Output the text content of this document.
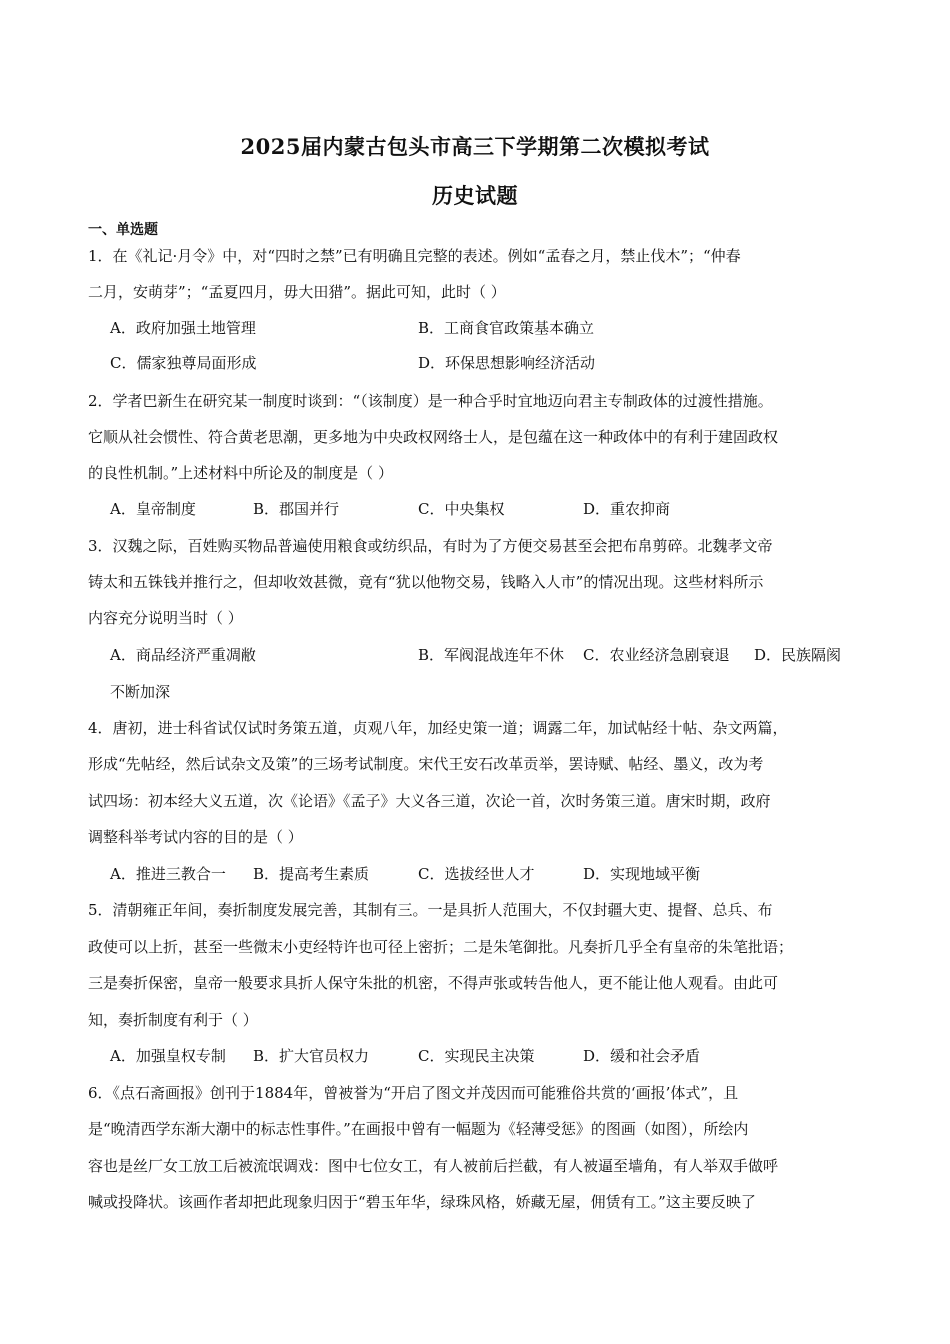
2025届内蒙古包头市高三下学期第二次模拟考试
历史试题
一、单选题
1．在《礼记·月令》中，对“四时之禁”已有明确且完整的表述。例如“孟春之月，禁止伐木”；“仲春
二月，安萌芽”；“孟夏四月，毋大田猎”。据此可知，此时（ ）
A．政府加强土地管理	B．工商食官政策基本确立
C．儒家独尊局面形成	D．环保思想影响经济活动
2．学者巴新生在研究某一制度时谈到：“（该制度）是一种合乎时宜地迈向君主专制政体的过渡性措施。
它顺从社会惯性、符合黄老思潮，更多地为中央政权网络士人，是包蕴在这一种政体中的有利于建固政权
的良性机制。”上述材料中所论及的制度是（ ）
A．皇帝制度	B．郡国并行	C．中央集权	D．重农抑商
3．汉魏之际，百姓购买物品普遍使用粮食或纺织品，有时为了方便交易甚至会把布帛剪碎。北魏孝文帝
铸太和五铢钱并推行之，但却收效甚微，竟有“犹以他物交易，钱略入人市”的情况出现。这些材料所示
内容充分说明当时（ ）
A．商品经济严重凋敝	B．军阀混战连年不休 C．农业经济急剧衰退 D．民族隔阂
不断加深
4．唐初，进士科省试仅试时务策五道，贞观八年，加经史策一道；调露二年，加试帖经十帖、杂文两篇，
形成“先帖经，然后试杂文及策”的三场考试制度。宋代王安石改革贡举，罢诗赋、帖经、墨义，改为考
试四场：初本经大义五道，次《论语》《孟子》大义各三道，次论一首，次时务策三道。唐宋时期，政府
调整科举考试内容的目的是（ ）
A．推进三教合一 B．提高考生素质	C．选拔经世人才	D．实现地域平衡
5．清朝雍正年间，奏折制度发展完善，其制有三。一是具折人范围大，不仅封疆大吏、提督、总兵、布
政使可以上折，甚至一些微末小吏经特许也可径上密折；二是朱笔御批。凡奏折几乎全有皇帝的朱笔批语；
三是奏折保密，皇帝一般要求具折人保守朱批的机密，不得声张或转告他人，更不能让他人观看。由此可
知，奏折制度有利于（ ）
A．加强皇权专制 B．扩大官员权力	C．实现民主决策	D．缓和社会矛盾
6．《点石斋画报》创刊于1884年，曾被誉为“开启了图文并茂因而可能雅俗共赏的‘画报’体式”，且
是“晚清西学东渐大潮中的标志性事件。”在画报中曾有一幅题为《轻薄受惩》的图画（如图），所绘内
容也是丝厂女工放工后被流氓调戏：图中七位女工，有人被前后拦截，有人被逼至墙角，有人举双手做呼
喊或投降状。该画作者却把此现象归因于“碧玉年华，绿珠风格，娇藏无屋，佣赁有工。”这主要反映了
